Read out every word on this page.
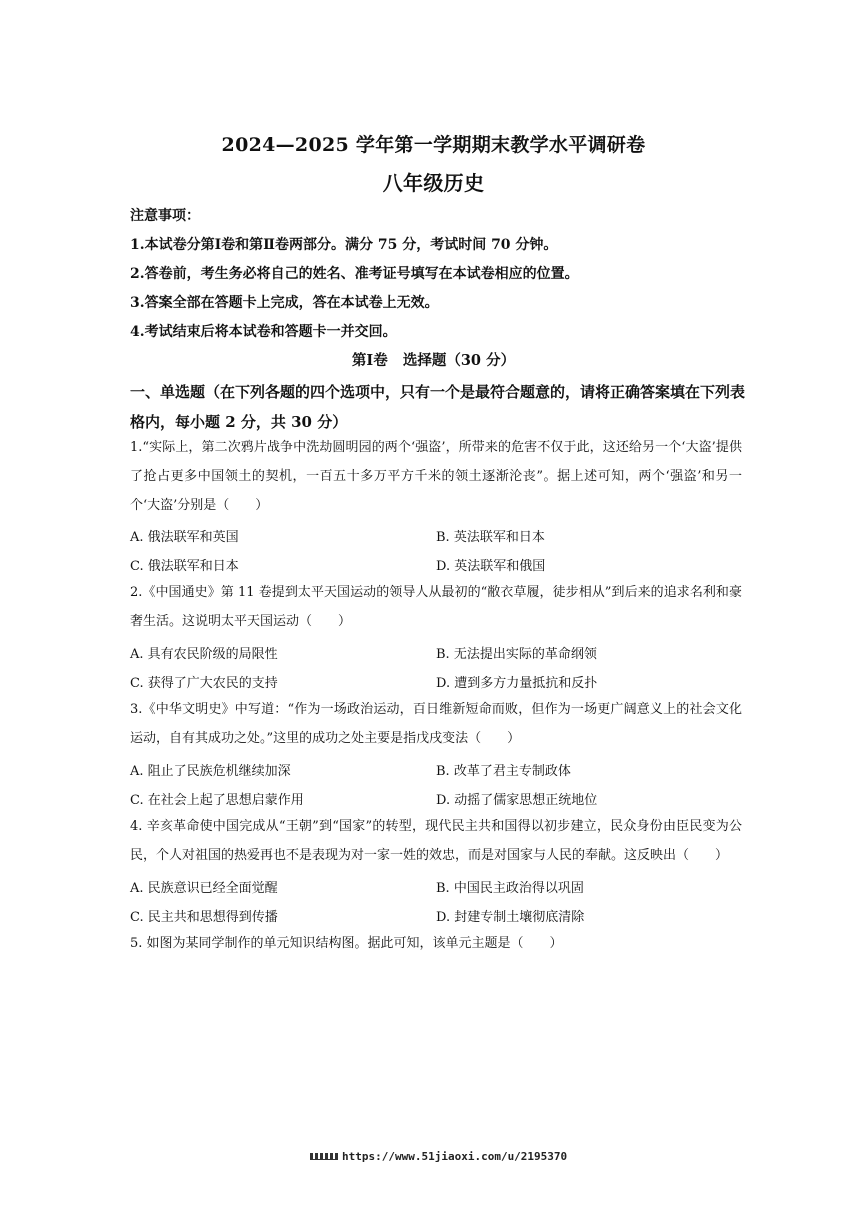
2024—2025 学年第一学期期末教学水平调研卷
八年级历史
注意事项：
1.本试卷分第Ⅰ卷和第Ⅱ卷两部分。满分 75 分，考试时间 70 分钟。
2.答卷前，考生务必将自己的姓名、准考证号填写在本试卷相应的位置。
3.答案全部在答题卡上完成，答在本试卷上无效。
4.考试结束后将本试卷和答题卡一并交回。
第Ⅰ卷   选择题（30 分）
一、单选题（在下列各题的四个选项中，只有一个是最符合题意的，请将正确答案填在下列表格内，每小题 2 分，共 30 分）
1.“实际上，第二次鸦片战争中洗劫圆明园的两个‘强盗’，所带来的危害不仅于此，这还给另一个‘大盗’提供了抢占更多中国领土的契机，一百五十多万平方千米的领土逐渐沦丧”。据上述可知，两个‘强盗’和另一个‘大盗’分别是（　　）
A. 俄法联军和英国	B. 英法联军和日本
C. 俄法联军和日本	D. 英法联军和俄国
2.《中国通史》第 11 卷提到太平天国运动的领导人从最初的“敝衣草履，徒步相从”到后来的追求名利和豪奢生活。这说明太平天国运动（　　）
A. 具有农民阶级的局限性	B. 无法提出实际的革命纲领
C. 获得了广大农民的支持	D. 遭到多方力量抵抗和反扑
3.《中华文明史》中写道：“作为一场政治运动，百日维新短命而败，但作为一场更广阔意义上的社会文化运动，自有其成功之处。”这里的成功之处主要是指戊戌变法（　　）
A. 阻止了民族危机继续加深	B. 改革了君主专制政体
C. 在社会上起了思想启蒙作用	D. 动摇了儒家思想正统地位
4. 辛亥革命使中国完成从“王朝”到“国家”的转型，现代民主共和国得以初步建立，民众身份由臣民变为公民，个人对祖国的热爱再也不是表现为对一家一姓的效忠，而是对国家与人民的奉献。这反映出（　　）
A. 民族意识已经全面觉醒	B. 中国民主政治得以巩固
C. 民主共和思想得到传播	D. 封建专制土壤彻底清除
5. 如图为某同学制作的单元知识结构图。据此可知，该单元主题是（　　）
https://www.51jiaoxi.com/u/2195370
